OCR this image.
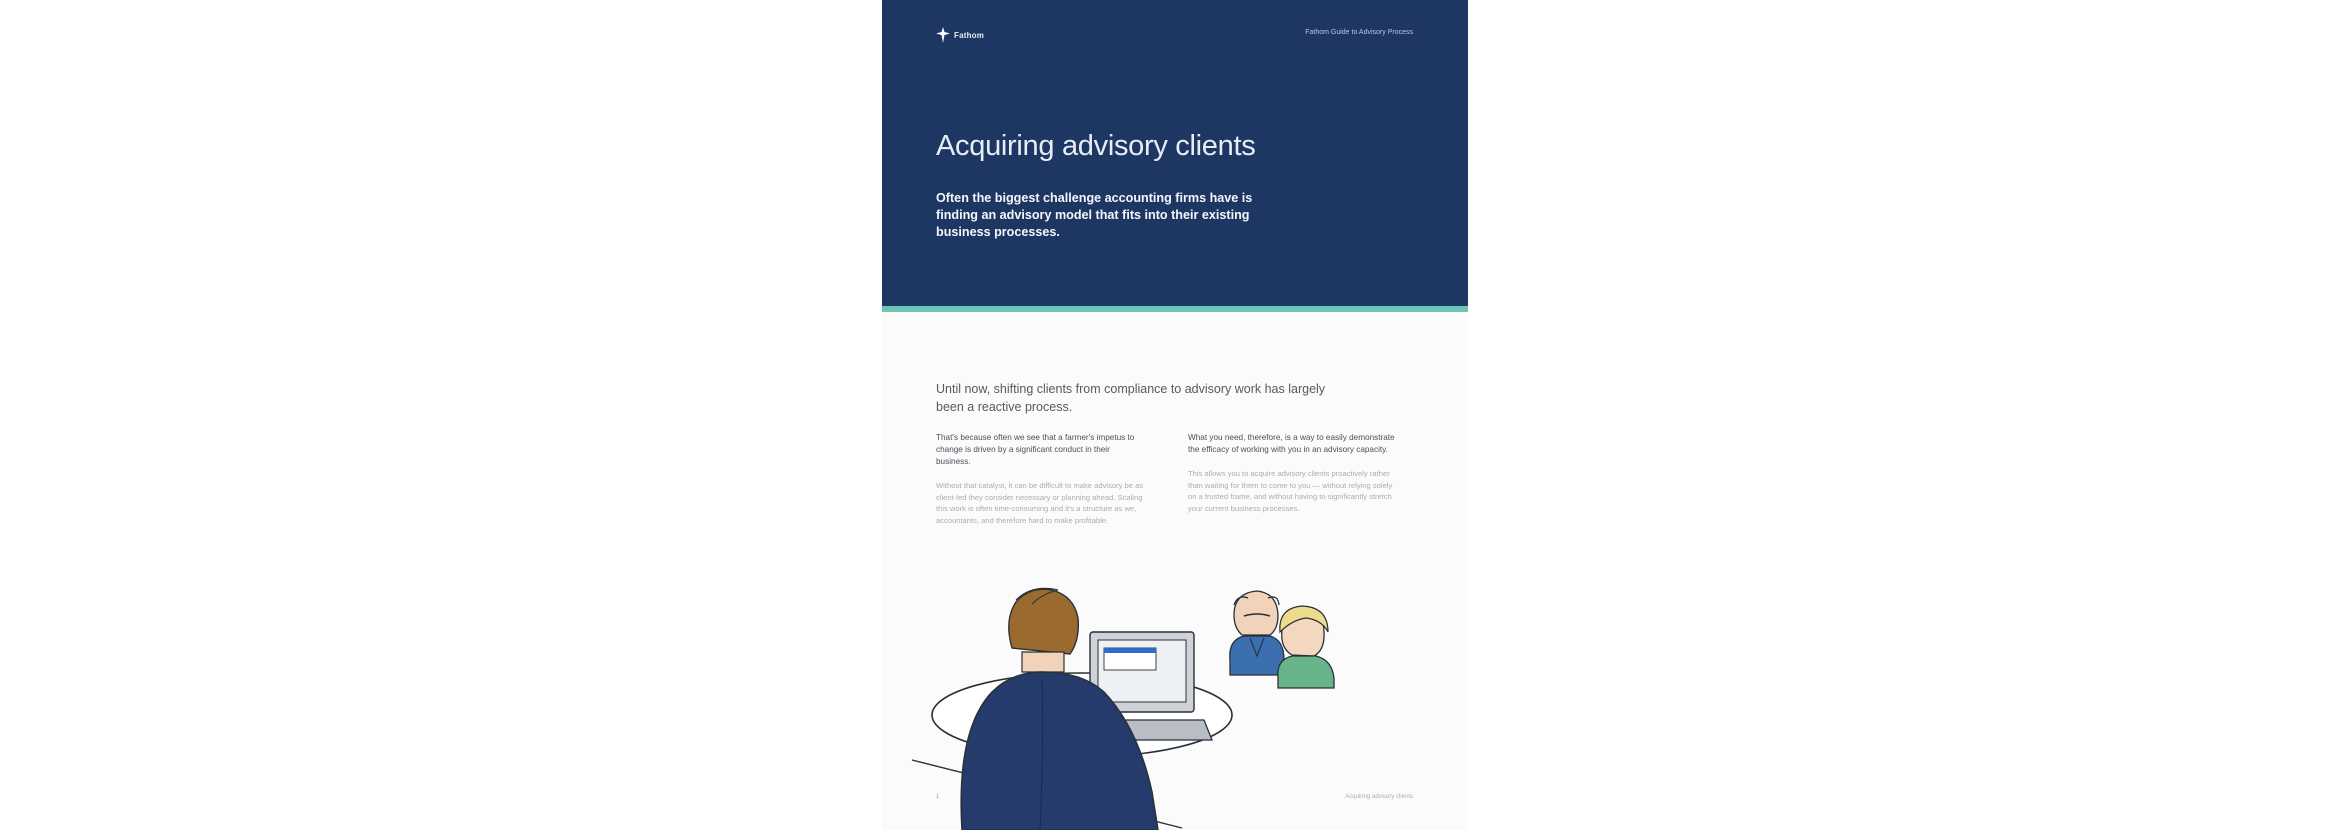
Fathom	Fathom Guide to Advisory Process
Acquiring advisory clients
Often the biggest challenge accounting firms have is finding an advisory model that fits into their existing business processes.
Until now, shifting clients from compliance to advisory work has largely been a reactive process.

That's because often we see that a farmer's impetus to change is driven by a significant conduct in their business.

Without that catalyst, it can be difficult to make advisory be as client-led they consider necessary or planning ahead. Scaling this work is often time-consuming and it's a structure as we, accountants, and therefore hard to make profitable.

What you need, therefore, is a way to easily demonstrate the efficacy of working with you in an advisory capacity.

This allows you to acquire advisory clients proactively rather than waiting for them to come to you — without relying solely on a trusted frame, and without having to significantly stretch your current business processes.

1	Acquiring advisory clients
